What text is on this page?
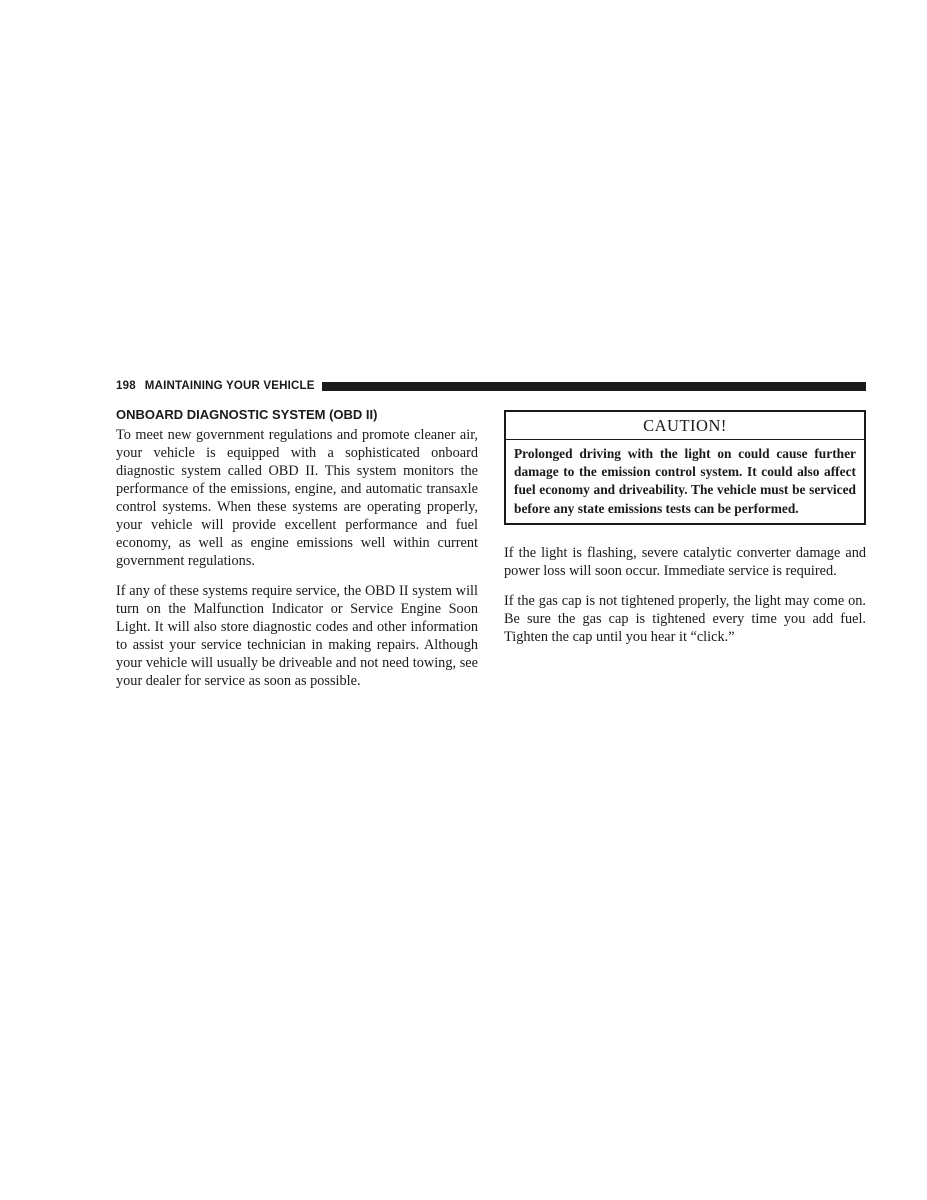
198 MAINTAINING YOUR VEHICLE
ONBOARD DIAGNOSTIC SYSTEM (OBD II)

To meet new government regulations and promote cleaner air, your vehicle is equipped with a sophisticated onboard diagnostic system called OBD II. This system monitors the performance of the emissions, engine, and automatic transaxle control systems. When these systems are operating properly, your vehicle will provide excellent performance and fuel economy, as well as engine emissions well within current government regulations.

If any of these systems require service, the OBD II system will turn on the Malfunction Indicator or Service Engine Soon Light. It will also store diagnostic codes and other information to assist your service technician in making repairs. Although your vehicle will usually be driveable and not need towing, see your dealer for service as soon as possible.

CAUTION!
Prolonged driving with the light on could cause further damage to the emission control system. It could also affect fuel economy and driveability. The vehicle must be serviced before any state emissions tests can be performed.

If the light is flashing, severe catalytic converter damage and power loss will soon occur. Immediate service is required.

If the gas cap is not tightened properly, the light may come on. Be sure the gas cap is tightened every time you add fuel. Tighten the cap until you hear it “click.”
